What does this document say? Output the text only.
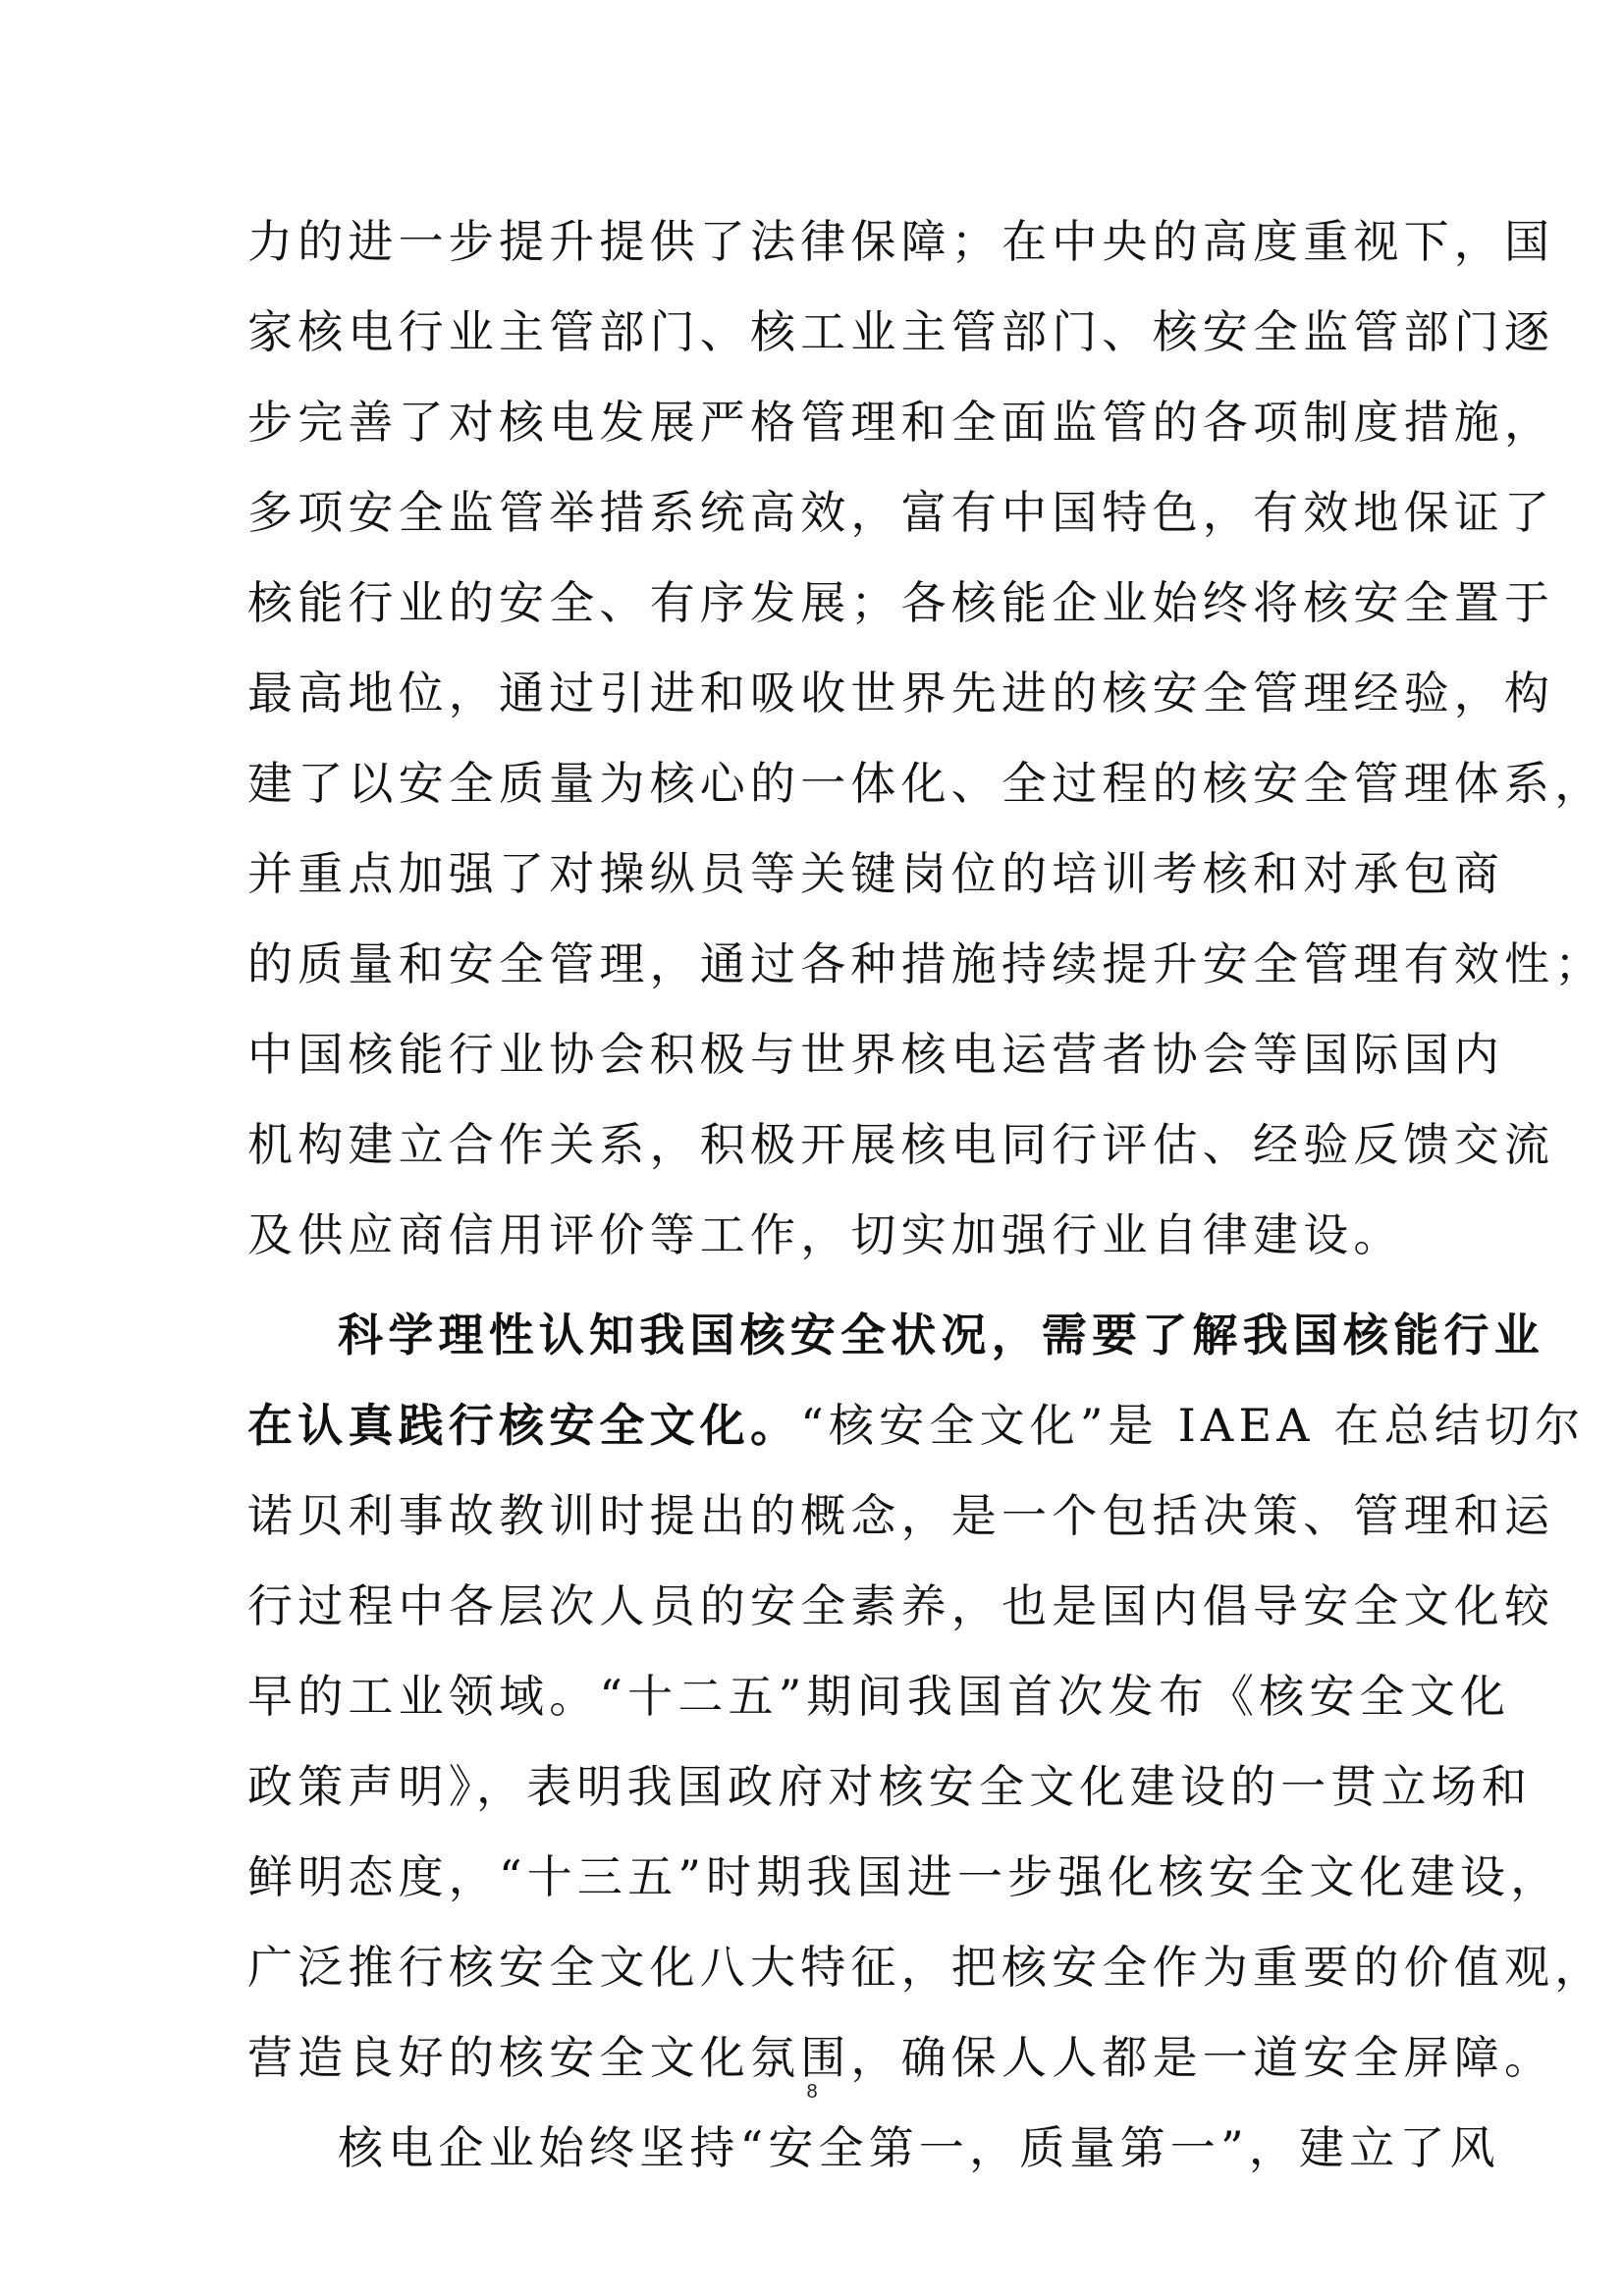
力的进一步提升提供了法律保障；在中央的高度重视下，国
家核电行业主管部门、核工业主管部门、核安全监管部门逐
步完善了对核电发展严格管理和全面监管的各项制度措施，
多项安全监管举措系统高效，富有中国特色，有效地保证了
核能行业的安全、有序发展；各核能企业始终将核安全置于
最高地位，通过引进和吸收世界先进的核安全管理经验，构
建了以安全质量为核心的一体化、全过程的核安全管理体系，
并重点加强了对操纵员等关键岗位的培训考核和对承包商
的质量和安全管理，通过各种措施持续提升安全管理有效性；
中国核能行业协会积极与世界核电运营者协会等国际国内
机构建立合作关系，积极开展核电同行评估、经验反馈交流
及供应商信用评价等工作，切实加强行业自律建设。
科学理性认知我国核安全状况，需要了解我国核能行业
在认真践行核安全文化。“核安全文化”是 IAEA 在总结切尔
诺贝利事故教训时提出的概念，是一个包括决策、管理和运
行过程中各层次人员的安全素养，也是国内倡导安全文化较
早的工业领域。“十二五”期间我国首次发布《核安全文化
政策声明》，表明我国政府对核安全文化建设的一贯立场和
鲜明态度，“十三五”时期我国进一步强化核安全文化建设，
广泛推行核安全文化八大特征，把核安全作为重要的价值观，
营造良好的核安全文化氛围，确保人人都是一道安全屏障。
核电企业始终坚持“安全第一，质量第一”，建立了风
8
